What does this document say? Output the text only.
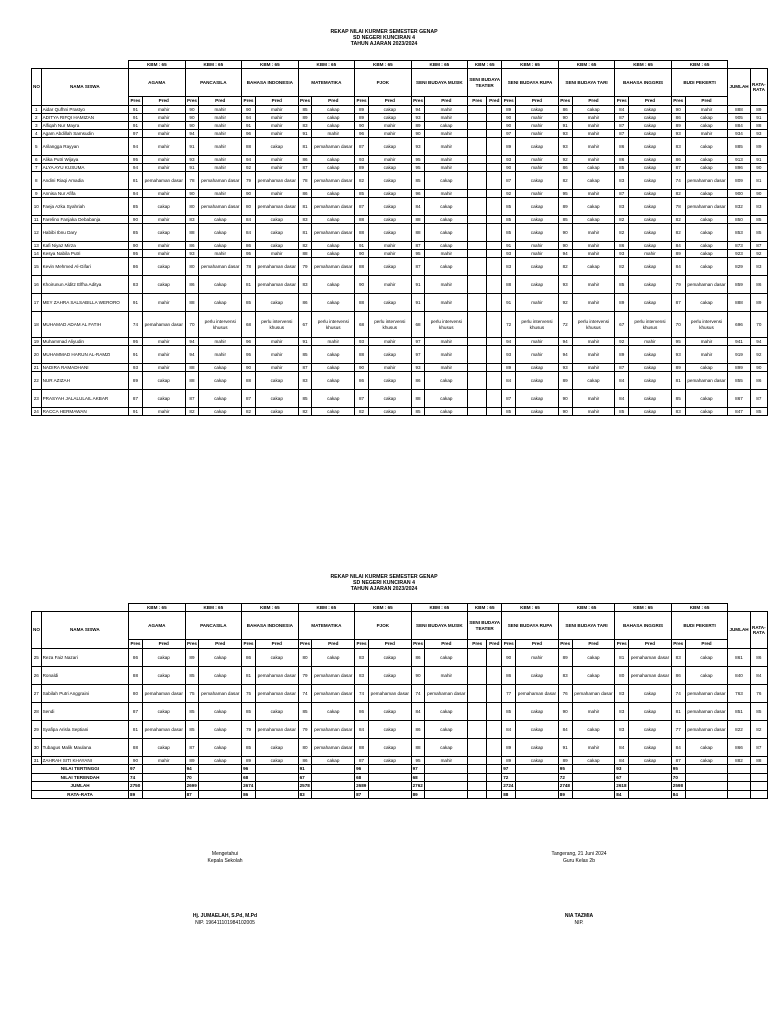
REKAP NILAI KURMER SEMESTER GENAP
SD NEGERI KUNCIRAN 4
TAHUN AJARAN 2023/2024
		KBM : 65		KBM : 65		KBM : 65		KBM : 65		KBM : 65		KBM : 65		KBM : 65		KBM : 65		KBM : 65		KBM : 65		KBM : 65			
NO	NAMA SISWA	AGAMA		PANCASILA		BAHASA INDONESIA		MATEMATIKA		PJOK		SENI BUDAYA MUSIK		SENI BUDAYA TEATER		SENI BUDAYA RUPA		SENI BUDAYA TARI		BAHASA INGGRIS		BUDI PEKERTI		JUMLAH	RATA-RATA
		Pres	Pred	Pres	Pred	Pres	Pred	Pres	Pred	Pres	Pred	Pres	Pred	Pres	Pred	Pres	Pred	Pres	Pred	Pres	Pred	Pres	Pred		
1	Aidar Qufhni Prastyo	91	mahir	90	mahir	90	mahir	85	cakap	89	cakap	94	mahir			89	cakap	86	cakap	84	cakap	90	mahir	888	89
2	ADITYA RIFQI HAMIZAN	91	mahir	90	mahir	94	mahir	89	cakap	89	cakap	93	mahir			90	mahir	90	mahir	87	cakap	86	cakap	905	91
3	Alfiqah Nur Mayra	91	mahir	90	mahir	91	mahir	83	cakap	90	mahir	89	cakap			90	mahir	91	mahir	87	cakap	89	cakap	884	88
4	Agam Abdillah Samsudin	97	mahir	94	mahir	96	mahir	91	mahir	96	mahir	90	mahir			97	mahir	93	mahir	87	cakap	93	mahir	934	93
5	Arilangga Rayyan	94	mahir	91	mahir	88	cakap	81	pemahaman dasar	87	cakap	93	mahir			89	cakap	93	mahir	86	cakap	83	cakap	885	89
6	Alika Putri Wijaya	95	mahir	93	mahir	94	mahir	86	cakap	93	mahir	95	mahir			93	mahir	92	mahir	86	cakap	86	cakap	913	91
7	ALYA AYU KUSUMA	94	mahir	91	mahir	92	mahir	87	cakap	89	cakap	95	mahir			90	mahir	86	cakap	85	cakap	87	cakap	896	90
8	Andini Riaqi Amadia	81	pemahaman dasar	78	pemahaman dasar	79	pemahaman dasar	78	pemahaman dasar	82	cakap	85	cakap			87	cakap	82	cakap	83	cakap	74	pemahaman dasar	809	81
9	Annisa Nur Afifa	94	mahir	90	mahir	90	mahir	86	cakap	85	cakap	96	mahir			92	mahir	95	mahir	87	cakap	82	cakap	900	90
10	Faeja Azka Syahriah	85	cakap	80	pemahaman dasar	80	pemahaman dasar	81	pemahaman dasar	87	cakap	84	cakap			85	cakap	89	cakap	83	cakap	78	pemahaman dasar	832	83
11	Farelino Fanjaka Debabanja	90	mahir	83	cakap	84	cakap	83	cakap	88	cakap	88	cakap			85	cakap	85	cakap	82	cakap	82	cakap	850	85
12	Habibi Ibnu Dary	85	cakap	88	cakap	84	cakap	81	pemahaman dasar	88	cakap	88	cakap			85	cakap	90	mahir	82	cakap	82	cakap	853	85
13	Kafi Niyaz Mirza	90	mahir	86	cakap	86	cakap	82	cakap	91	mahir	87	cakap			91	mahir	90	mahir	86	cakap	84	cakap	873	87
14	Kesya Nabila Putri	95	mahir	93	mahir	95	mahir	88	cakap	90	mahir	95	mahir			93	mahir	94	mahir	93	mahir	89	cakap	923	92
15	Kevin Mehmed Al-Gifari	86	cakap	80	pemahaman dasar	78	pemahaman dasar	79	pemahaman dasar	88	cakap	87	cakap			83	cakap	82	cakap	82	cakap	84	cakap	829	83
16	Khoirunun Alditz Elfha Aditya	83	cakap	86	cakap	81	pemahaman dasar	83	cakap	90	mahir	91	mahir			88	cakap	93	mahir	85	cakap	79	pemahaman dasar	859	86
17	MEY ZAHRA SALSABILLA WERORO	91	mahir	88	cakap	85	cakap	86	cakap	88	cakap	91	mahir			91	mahir	92	mahir	89	cakap	87	cakap	888	89
18	MUHAMAD ADAM AL FATIH	74	pemahaman dasar	70	perlu intervensi khusus	68	perlu intervensi khusus	67	perlu intervensi khusus	68	perlu intervensi khusus	68	perlu intervensi khusus			72	perlu intervensi khusus	72	perlu intervensi khusus	67	perlu intervensi khusus	70	perlu intervensi khusus	696	70
19	Muhammad Aliyudin	95	mahir	94	mahir	96	mahir	91	mahir	93	mahir	97	mahir			94	mahir	94	mahir	92	mahir	95	mahir	941	94
20	MUHAMMAD HARUN AL-RAMZI	91	mahir	94	mahir	95	mahir	85	cakap	88	cakap	97	mahir			93	mahir	94	mahir	89	cakap	93	mahir	919	92
21	NADIRA RAMADHANI	93	mahir	88	cakap	90	mahir	87	cakap	90	mahir	93	mahir			89	cakap	93	mahir	87	cakap	89	cakap	899	90
22	NUR AZIZAH	89	cakap	88	cakap	88	cakap	83	cakap	86	cakap	86	cakap			84	cakap	89	cakap	84	cakap	81	pemahaman dasar	855	86
23	PRASYAH JALALULAIL AKBAR	87	cakap	87	cakap	87	cakap	85	cakap	87	cakap	88	cakap			87	cakap	90	mahir	84	cakap	85	cakap	867	87
24	RACCA HERMAWAN	91	mahir	82	cakap	82	cakap	82	cakap	82	cakap	85	cakap			85	cakap	90	mahir	85	cakap	83	cakap	847	85
REKAP NILAI KURMER SEMESTER GENAP
SD NEGERI KUNCIRAN 4
TAHUN AJARAN 2023/2024
		KBM : 65		KBM : 65		KBM : 65		KBM : 65		KBM : 65		KBM : 65		KBM : 65		KBM : 65		KBM : 65		KBM : 65		KBM : 65			
NO	NAMA SISWA	AGAMA		PANCASILA		BAHASA INDONESIA		MATEMATIKA		PJOK		SENI BUDAYA MUSIK		SENI BUDAYA TEATER		SENI BUDAYA RUPA		SENI BUDAYA TARI		BAHASA INGGRIS		BUDI PEKERTI		JUMLAH	RATA-RATA
		Pres	Pred	Pres	Pred	Pres	Pred	Pres	Pred	Pres	Pred	Pres	Pred	Pres	Pred	Pres	Pred	Pres	Pred	Pres	Pred	Pres	Pred		
25	Reza Faiz Nazari	86	cakap	89	cakap	86	cakap	80	cakap	83	cakap	86	cakap			90	mahir	89	cakap	81	pemahaman dasar	83	cakap	861	86
26	Ronaldi	88	cakap	85	cakap	81	pemahaman dasar	79	pemahaman dasar	83	cakap	90	mahir			86	cakap	83	cakap	80	pemahaman dasar	86	cakap	840	84
27	Sabilah Putri Anggraini	80	pemahaman dasar	75	pemahaman dasar	75	pemahaman dasar	74	pemahaman dasar	74	pemahaman dasar	74	pemahaman dasar			77	pemahaman dasar	76	pemahaman dasar	83	cakap	74	pemahaman dasar	763	76
28	Sendi	87	cakap	85	cakap	85	cakap	85	cakap	86	cakap	84	cakap			85	cakap	90	mahir	83	cakap	81	pemahaman dasar	851	85
29	Syafipa Arisla Septiani	81	pemahaman dasar	85	cakap	79	pemahaman dasar	79	pemahaman dasar	84	cakap	86	cakap			84	cakap	84	cakap	83	cakap	77	pemahaman dasar	822	82
30	Tubagus Malik Maulana	88	cakap	87	cakap	85	cakap	80	pemahaman dasar	88	cakap	88	cakap			89	cakap	91	mahir	84	cakap	84	cakap	866	87
31	ZAHRAH SITI KHAYANI	90	mahir	89	cakap	89	cakap	86	cakap	87	cakap	95	mahir			89	cakap	89	cakap	84	cakap	87	cakap	882	88
NILAI TERTINGGI		97		94		96		91		96		97				97		95		93		95			
NILAI TERENDAH		74		70		68		67		68		68				72		72		67		70			
JUMLAH		2750		2699		2674		2578		2689		2762				2724		2748		2618		2598			
RATA-RATA		89		87		86		83		87		89				88		89		84		84			
Mengetahui
Kepala Sekolah
Hj. JUMAELAH, S.Pd, M.Pd
NIP. 196411101984102005
Tangerang, 21 Juni 2024
Guru Kelas 2b
NIA TAZMIA
NIP.
